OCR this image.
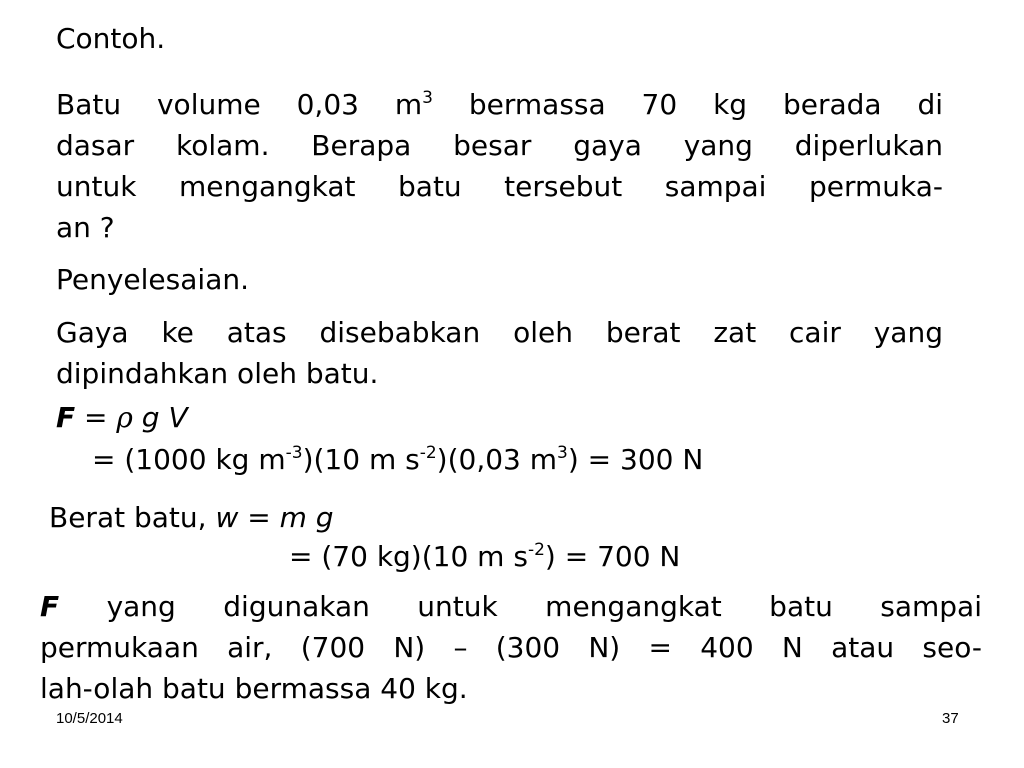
Contoh.
Batu volume 0,03 $m^3$ bermassa 70 kg berada di
dasar kolam. Berapa besar gaya yang diperlukan
untuk mengangkat batu tersebut sampai permuka-
an ?
Penyelesaian.
Gaya ke atas disebabkan oleh berat zat cair yang
dipindahkan oleh batu.
F = ρ g V
= (1000 kg $m^{-3})(10$ m $s^{-2})(0,03$ $m^3) = 300$ N
Berat batu, w = m g
= (70 kg)(10 m $s^{-2}) = 700$ N
F yang digunakan untuk mengangkat batu sampai
permukaan air, (700 N) – (300 N) = 400 N atau seo-
lah-olah batu bermassa 40 kg.
10/5/2014	37
